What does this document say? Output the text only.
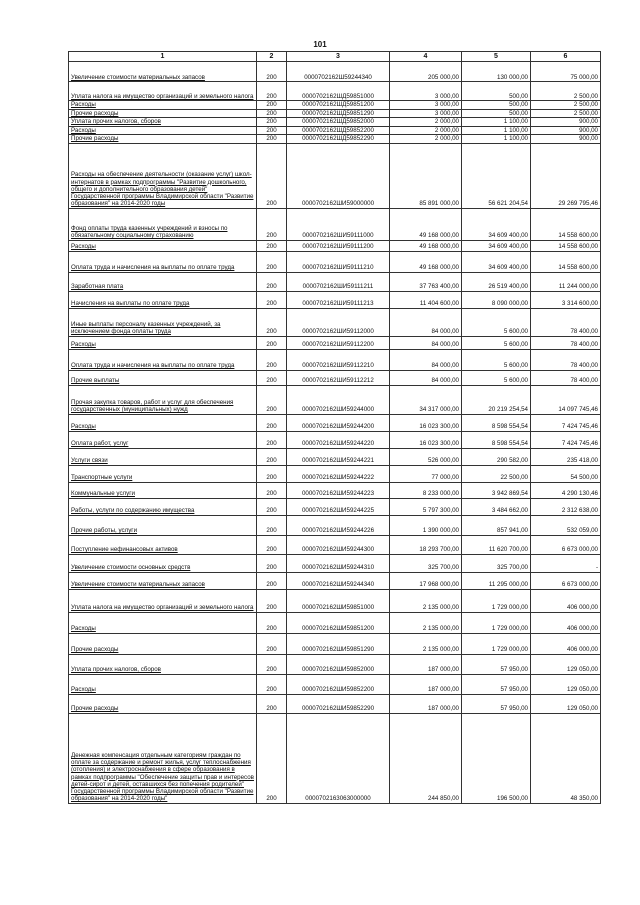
101
1	2	3	4	5	6
Увеличение стоимости материальных запасов	200	0000702162Ш59244340	205 000,00	130 000,00	75 000,00
Уплата налога на имущество организаций и земельного налога	200	0000702162ШД59851000	3 000,00	500,00	2 500,00
Расходы	200	0000702162ШД59851200	3 000,00	500,00	2 500,00
Прочие расходы	200	0000702162ШД59851290	3 000,00	500,00	2 500,00
Уплата прочих налогов, сборов	200	0000702162ШД59852000	2 000,00	1 100,00	900,00
Расходы	200	0000702162ШД59852200	2 000,00	1 100,00	900,00
Прочие расходы	200	0000702162ШД59852290	2 000,00	1 100,00	900,00
Расходы на обеспечение деятельности (оказание услуг) школ-интернатов в рамках подпрограммы "Развитие дошкольного, общего и дополнительного образования детей" Государственной программы Владимирской области "Развитие образования" на 2014-2020 годы	200	0000702162ШИ59000000	85 891 000,00	56 621 204,54	29 269 795,46
Фонд оплаты труда казенных учреждений и взносы по обязательному социальному страхованию	200	0000702162ШИ59111000	49 168 000,00	34 609 400,00	14 558 600,00
Расходы	200	0000702162ШИ59111200	49 168 000,00	34 609 400,00	14 558 600,00
Оплата труда и начисления на выплаты по оплате труда	200	0000702162ШИ59111210	49 168 000,00	34 609 400,00	14 558 600,00
Заработная плата	200	0000702162ШИ59111211	37 763 400,00	26 519 400,00	11 244 000,00
Начисления на выплаты по оплате труда	200	0000702162ШИ59111213	11 404 600,00	8 090 000,00	3 314 600,00
Иные выплаты персоналу казенных учреждений, за исключением фонда оплаты труда	200	0000702162ШИ59112000	84 000,00	5 600,00	78 400,00
Расходы	200	0000702162ШИ59112200	84 000,00	5 600,00	78 400,00
Оплата труда и начисления на выплаты по оплате труда	200	0000702162ШИ59112210	84 000,00	5 600,00	78 400,00
Прочие выплаты	200	0000702162ШИ59112212	84 000,00	5 600,00	78 400,00
Прочая закупка товаров, работ и услуг для обеспечения государственных (муниципальных) нужд	200	0000702162ШИ59244000	34 317 000,00	20 219 254,54	14 097 745,46
Расходы	200	0000702162ШИ59244200	16 023 300,00	8 598 554,54	7 424 745,46
Оплата работ, услуг	200	0000702162ШИ59244220	16 023 300,00	8 598 554,54	7 424 745,46
Услуги связи	200	0000702162ШИ59244221	526 000,00	290 582,00	235 418,00
Транспортные услуги	200	0000702162ШИ59244222	77 000,00	22 500,00	54 500,00
Коммунальные услуги	200	0000702162ШИ59244223	8 233 000,00	3 942 869,54	4 290 130,46
Работы, услуги по содержанию имущества	200	0000702162ШИ59244225	5 797 300,00	3 484 662,00	2 312 638,00
Прочие работы, услуги	200	0000702162ШИ59244226	1 390 000,00	857 941,00	532 059,00
Поступление нефинансовых активов	200	0000702162ШИ59244300	18 293 700,00	11 620 700,00	6 673 000,00
Увеличение стоимости основных средств	200	0000702162ШИ59244310	325 700,00	325 700,00	-
Увеличение стоимости материальных запасов	200	0000702162ШИ59244340	17 968 000,00	11 295 000,00	6 673 000,00
Уплата налога на имущество организаций и земельного налога	200	0000702162ШИ59851000	2 135 000,00	1 729 000,00	406 000,00
Расходы	200	0000702162ШИ59851200	2 135 000,00	1 729 000,00	406 000,00
Прочие расходы	200	0000702162ШИ59851290	2 135 000,00	1 729 000,00	406 000,00
Уплата прочих налогов, сборов	200	0000702162ШИ59852000	187 000,00	57 950,00	129 050,00
Расходы	200	0000702162ШИ59852200	187 000,00	57 950,00	129 050,00
Прочие расходы	200	0000702162ШИ59852290	187 000,00	57 950,00	129 050,00
Денежная компенсация отдельным категориям граждан по оплате за содержание и ремонт жилья, услуг теплоснабжения (отопления) и электроснабжения в сфере образования в рамках подпрограммы "Обеспечение защиты прав и интересов детей-сирот и детей, оставшихся без попечения родителей" Государственной программы Владимирской области "Развитие образования" на 2014-2020 годы"	200	0000702163063000000	244 850,00	196 500,00	48 350,00
